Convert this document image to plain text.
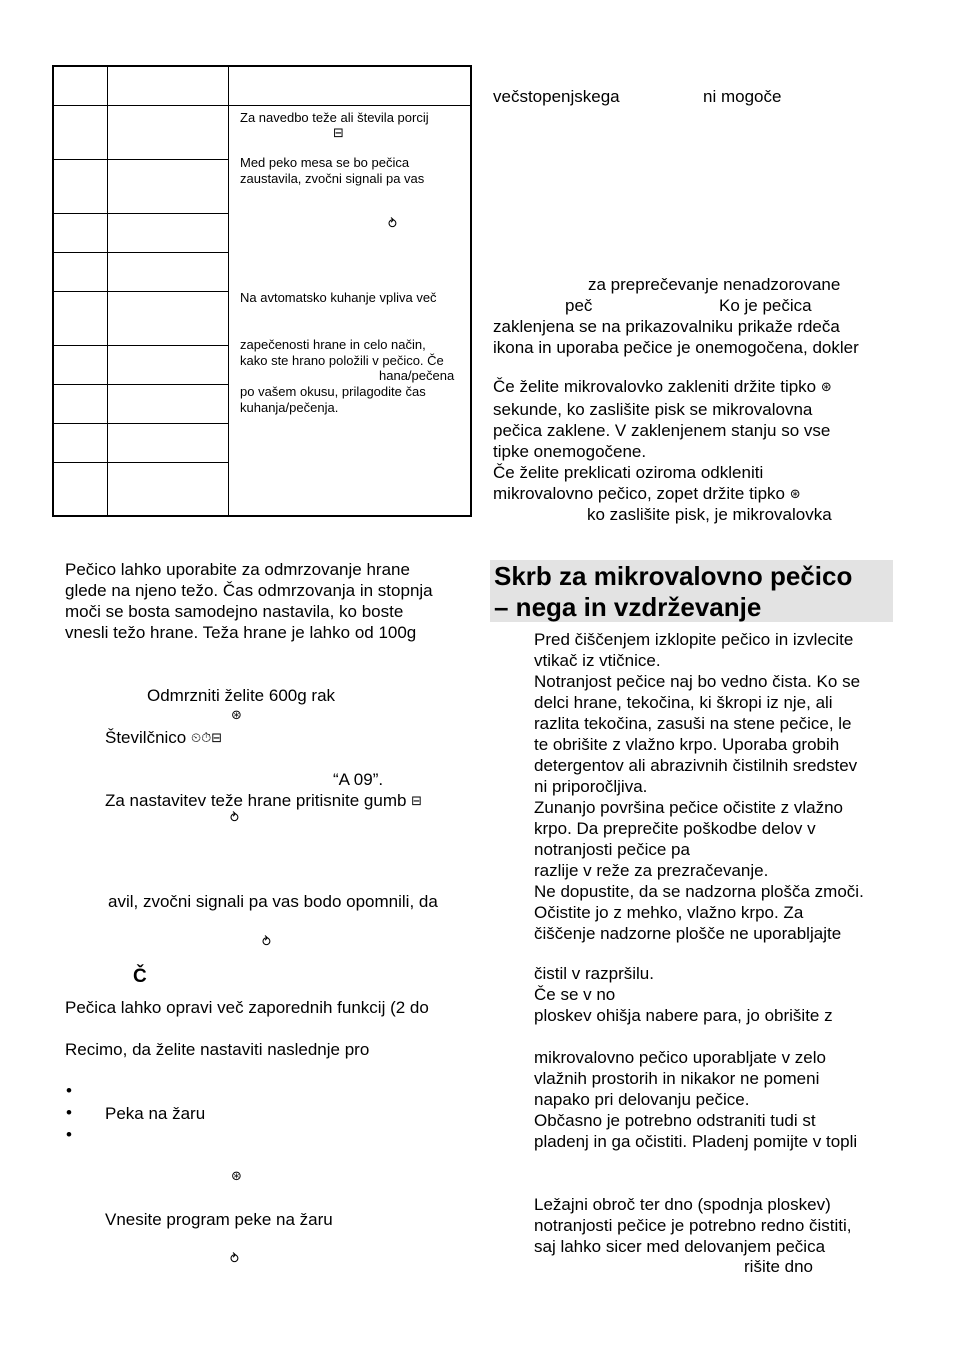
Za navedbo teže ali števila porcij
⊟
Med peko mesa se bo pečica
zaustavila, zvočni signali pa vas
⥁
Na avtomatsko kuhanje vpliva več
zapečenosti hrane in celo način,
kako ste hrano položili v pečico. Če
hana/pečena
po vašem okusu, prilagodite čas
kuhanja/pečenja.
Pečico lahko uporabite za odmrzovanje hrane
glede na njeno težo. Čas odmrzovanja in stopnja
moči se bosta samodejno nastavila, ko boste
vnesli težo hrane. Teža hrane je lahko od 100g
Odmrzniti želite 600g rak
⊛
Številčnico ⏲⏱⊟
“A 09”.
Za nastavitev teže hrane pritisnite gumb ⊟
⥁
avil, zvočni signali pa vas bodo opomnili, da
⥁
Č
Pečica lahko opravi več zaporednih funkcij (2 do
Recimo, da želite nastaviti naslednje pro
•
• Peka na žaru
•
⊛
Vnesite program peke na žaru
⥁
večstopenjskega	ni mogoče
za preprečevanje nenadzorovane
peč	Ko je pečica
zaklenjena se na prikazovalniku prikaže rdeča
ikona in uporaba pečice je onemogočena, dokler
Če želite mikrovalovko zakleniti držite tipko ⊛
sekunde, ko zaslišite pisk se mikrovalovna
pečica zaklene. V zaklenjenem stanju so vse
tipke onemogočene.
Če želite preklicati oziroma odkleniti
mikrovalovno pečico, zopet držite tipko ⊛
ko zaslišite pisk, je mikrovalovka
Skrb za mikrovalovno pečico
– nega in vzdrževanje
Pred čiščenjem izklopite pečico in izvlecite
vtikač iz vtičnice.
Notranjost pečice naj bo vedno čista. Ko se
delci hrane, tekočina, ki škropi iz nje, ali
razlita tekočina, zasuši na stene pečice, le
te obrišite z vlažno krpo. Uporaba grobih
detergentov ali abrazivnih čistilnih sredstev
ni priporočljiva.
Zunanjo površina pečice očistite z vlažno
krpo. Da preprečite poškodbe delov v
notranjosti pečice pa
razlije v reže za prezračevanje.
Ne dopustite, da se nadzorna plošča zmoči.
Očistite jo z mehko, vlažno krpo. Za
čiščenje nadzorne plošče ne uporabljajte
čistil v razpršilu.
Če se v no
ploskev ohišja nabere para, jo obrišite z
mikrovalovno pečico uporabljate v zelo
vlažnih prostorih in nikakor ne pomeni
napako pri delovanju pečice.
Občasno je potrebno odstraniti tudi st
pladenj in ga očistiti. Pladenj pomijte v topli
Ležajni obroč ter dno (spodnja ploskev)
notranjosti pečice je potrebno redno čistiti,
saj lahko sicer med delovanjem pečica
rišite dno
